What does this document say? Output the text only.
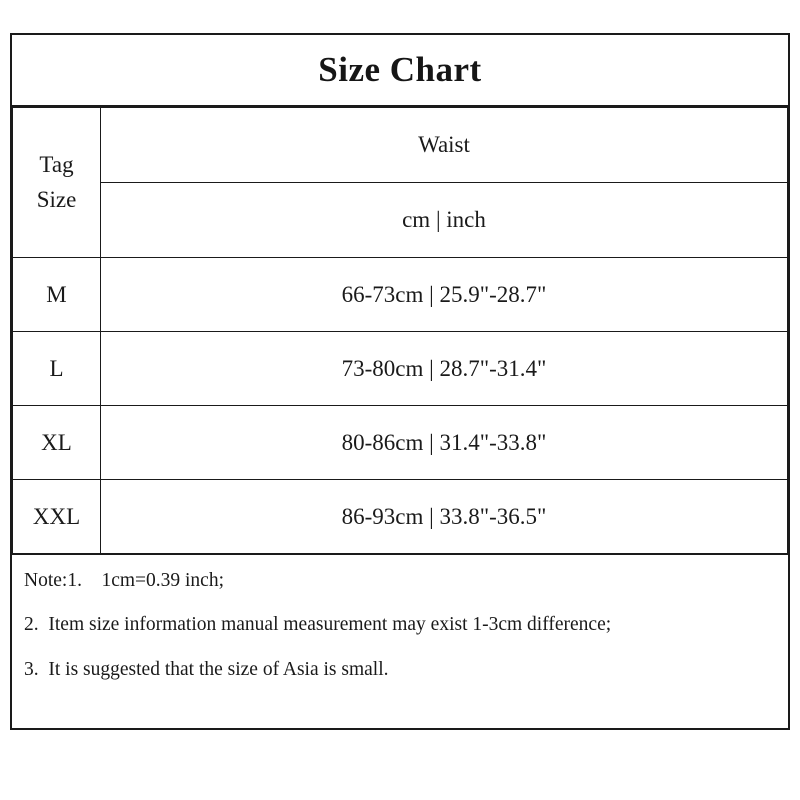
Size Chart
Tag
Size	Waist
	cm | inch
M	66-73cm | 25.9"-28.7"
L	73-80cm | 28.7"-31.4"
XL	80-86cm | 31.4"-33.8"
XXL	86-93cm | 33.8"-36.5"

Note:1.    1cm=0.39 inch;

2.  Item size information manual measurement may exist 1-3cm difference;

3.  It is suggested that the size of Asia is small.
